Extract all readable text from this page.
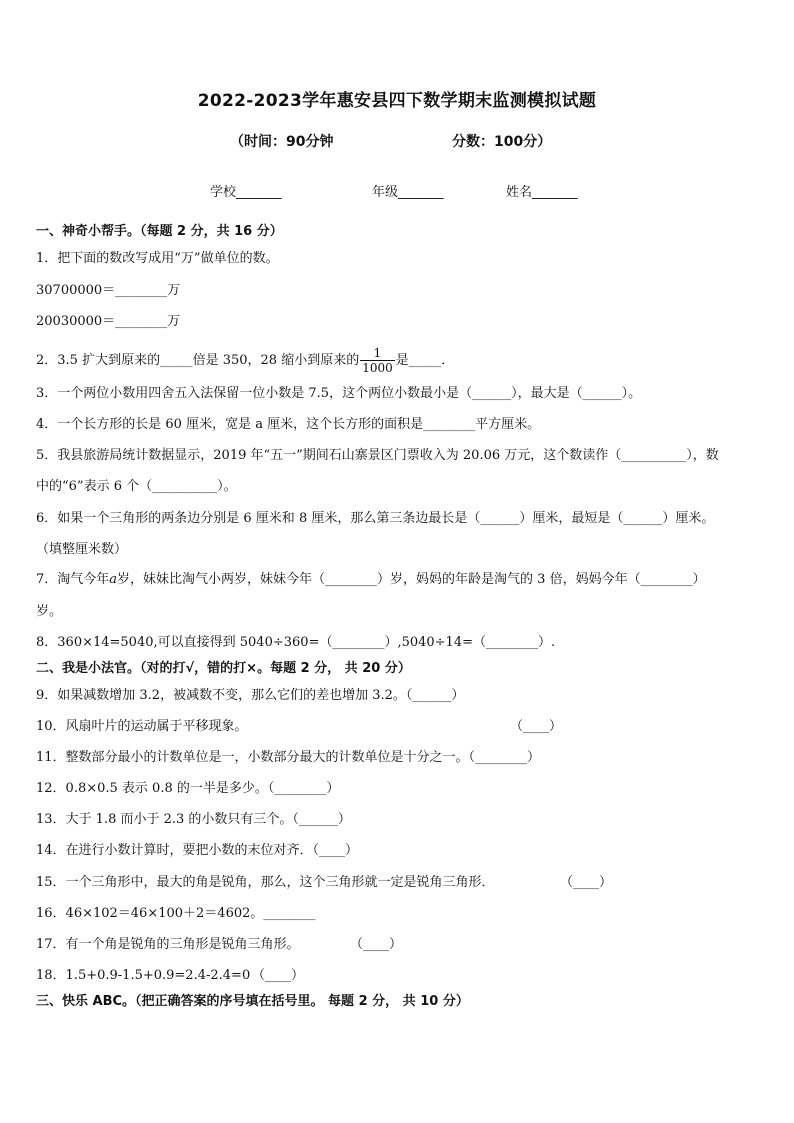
2022-2023学年惠安县四下数学期末监测模拟试题
（时间：90分钟	分数：100分）
学校_______	年级_______	姓名_______
一、神奇小帮手。（每题 2 分，共 16 分）
1．把下面的数改写成用“万”做单位的数。
30700000＝________万
20030000＝________万
2．3.5 扩大到原来的_____倍是 350，28 缩小到原来的 $\frac{1}{1000}$ 是_____．
3．一个两位小数用四舍五入法保留一位小数是 7.5，这个两位小数最小是（______），最大是（______）。
4．一个长方形的长是 60 厘米，宽是 a 厘米，这个长方形的面积是________平方厘米。
5．我县旅游局统计数据显示，2019 年“五一”期间石山寨景区门票收入为 20.06 万元，这个数读作（__________），数
中的“6”表示 6 个（__________）。
6．如果一个三角形的两条边分别是 6 厘米和 8 厘米，那么第三条边最长是（______）厘米，最短是（______）厘米。
（填整厘米数）
7．淘气今年a岁，妹妹比淘气小两岁，妹妹今年（________）岁，妈妈的年龄是淘气的 3 倍，妈妈今年（________）
岁。
8．360×14=5040,可以直接得到 5040÷360=（________）,5040÷14=（________）.
二、我是小法官。（对的打√，错的打×。每题 2 分， 共 20 分）
9．如果减数增加 3.2，被减数不变，那么它们的差也增加 3.2。（______）
10．风扇叶片的运动属于平移现象。	（____）
11．整数部分最小的计数单位是一，小数部分最大的计数单位是十分之一。（________）
12．0.8×0.5 表示 0.8 的一半是多少。（________）
13．大于 1.8 而小于 2.3 的小数只有三个。（______）
14．在进行小数计算时，要把小数的末位对齐．（____）
15．一个三角形中，最大的角是锐角，那么，这个三角形就一定是锐角三角形．	（____）
16．46×102＝46×100＋2＝4602。________
17．有一个角是锐角的三角形是锐角三角形。	（____）
18．1.5+0.9-1.5+0.9=2.4-2.4=0 （____）
三、快乐 ABC。（把正确答案的序号填在括号里。 每题 2 分， 共 10 分）
